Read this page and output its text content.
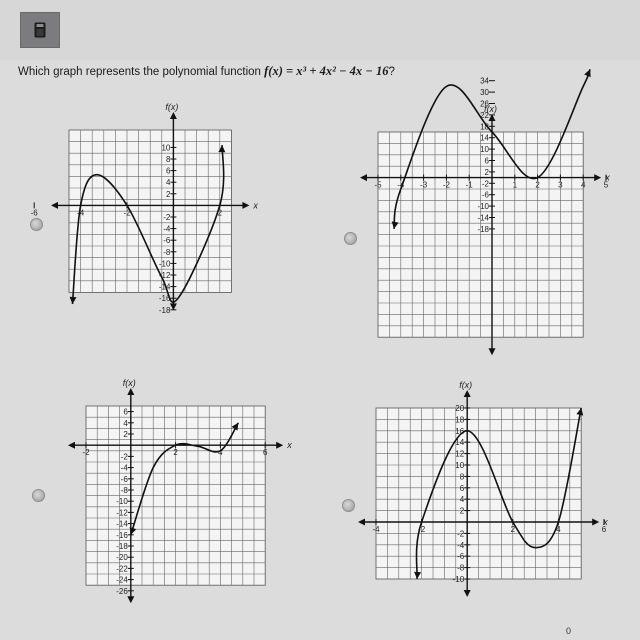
Which graph represents the polynomial function f(x) = x³ + 4x² − 4x − 16?
f(x)
x
-6	-4	-2	2
10
8
6
4
2
-2
-4
-6
-8
-10
-12
-14
-16
-18
f(x)
x
-5 -4 -3 -2 -1	1 2 3 4 5
34
30
26
22
18
14
10
6
2
-2
-6
-10
-14
-18
f(x)
x
-2	2	4	6
6
4
2
-2
-4
-6
-8
-10
-12
-14
-16
-18
-20
-22
-24
-26
f(x)
x
-4	-2	2	4	6
20
18
16
14
12
10
8
6
4
2
-2
-4
-6
-8
-10
0
